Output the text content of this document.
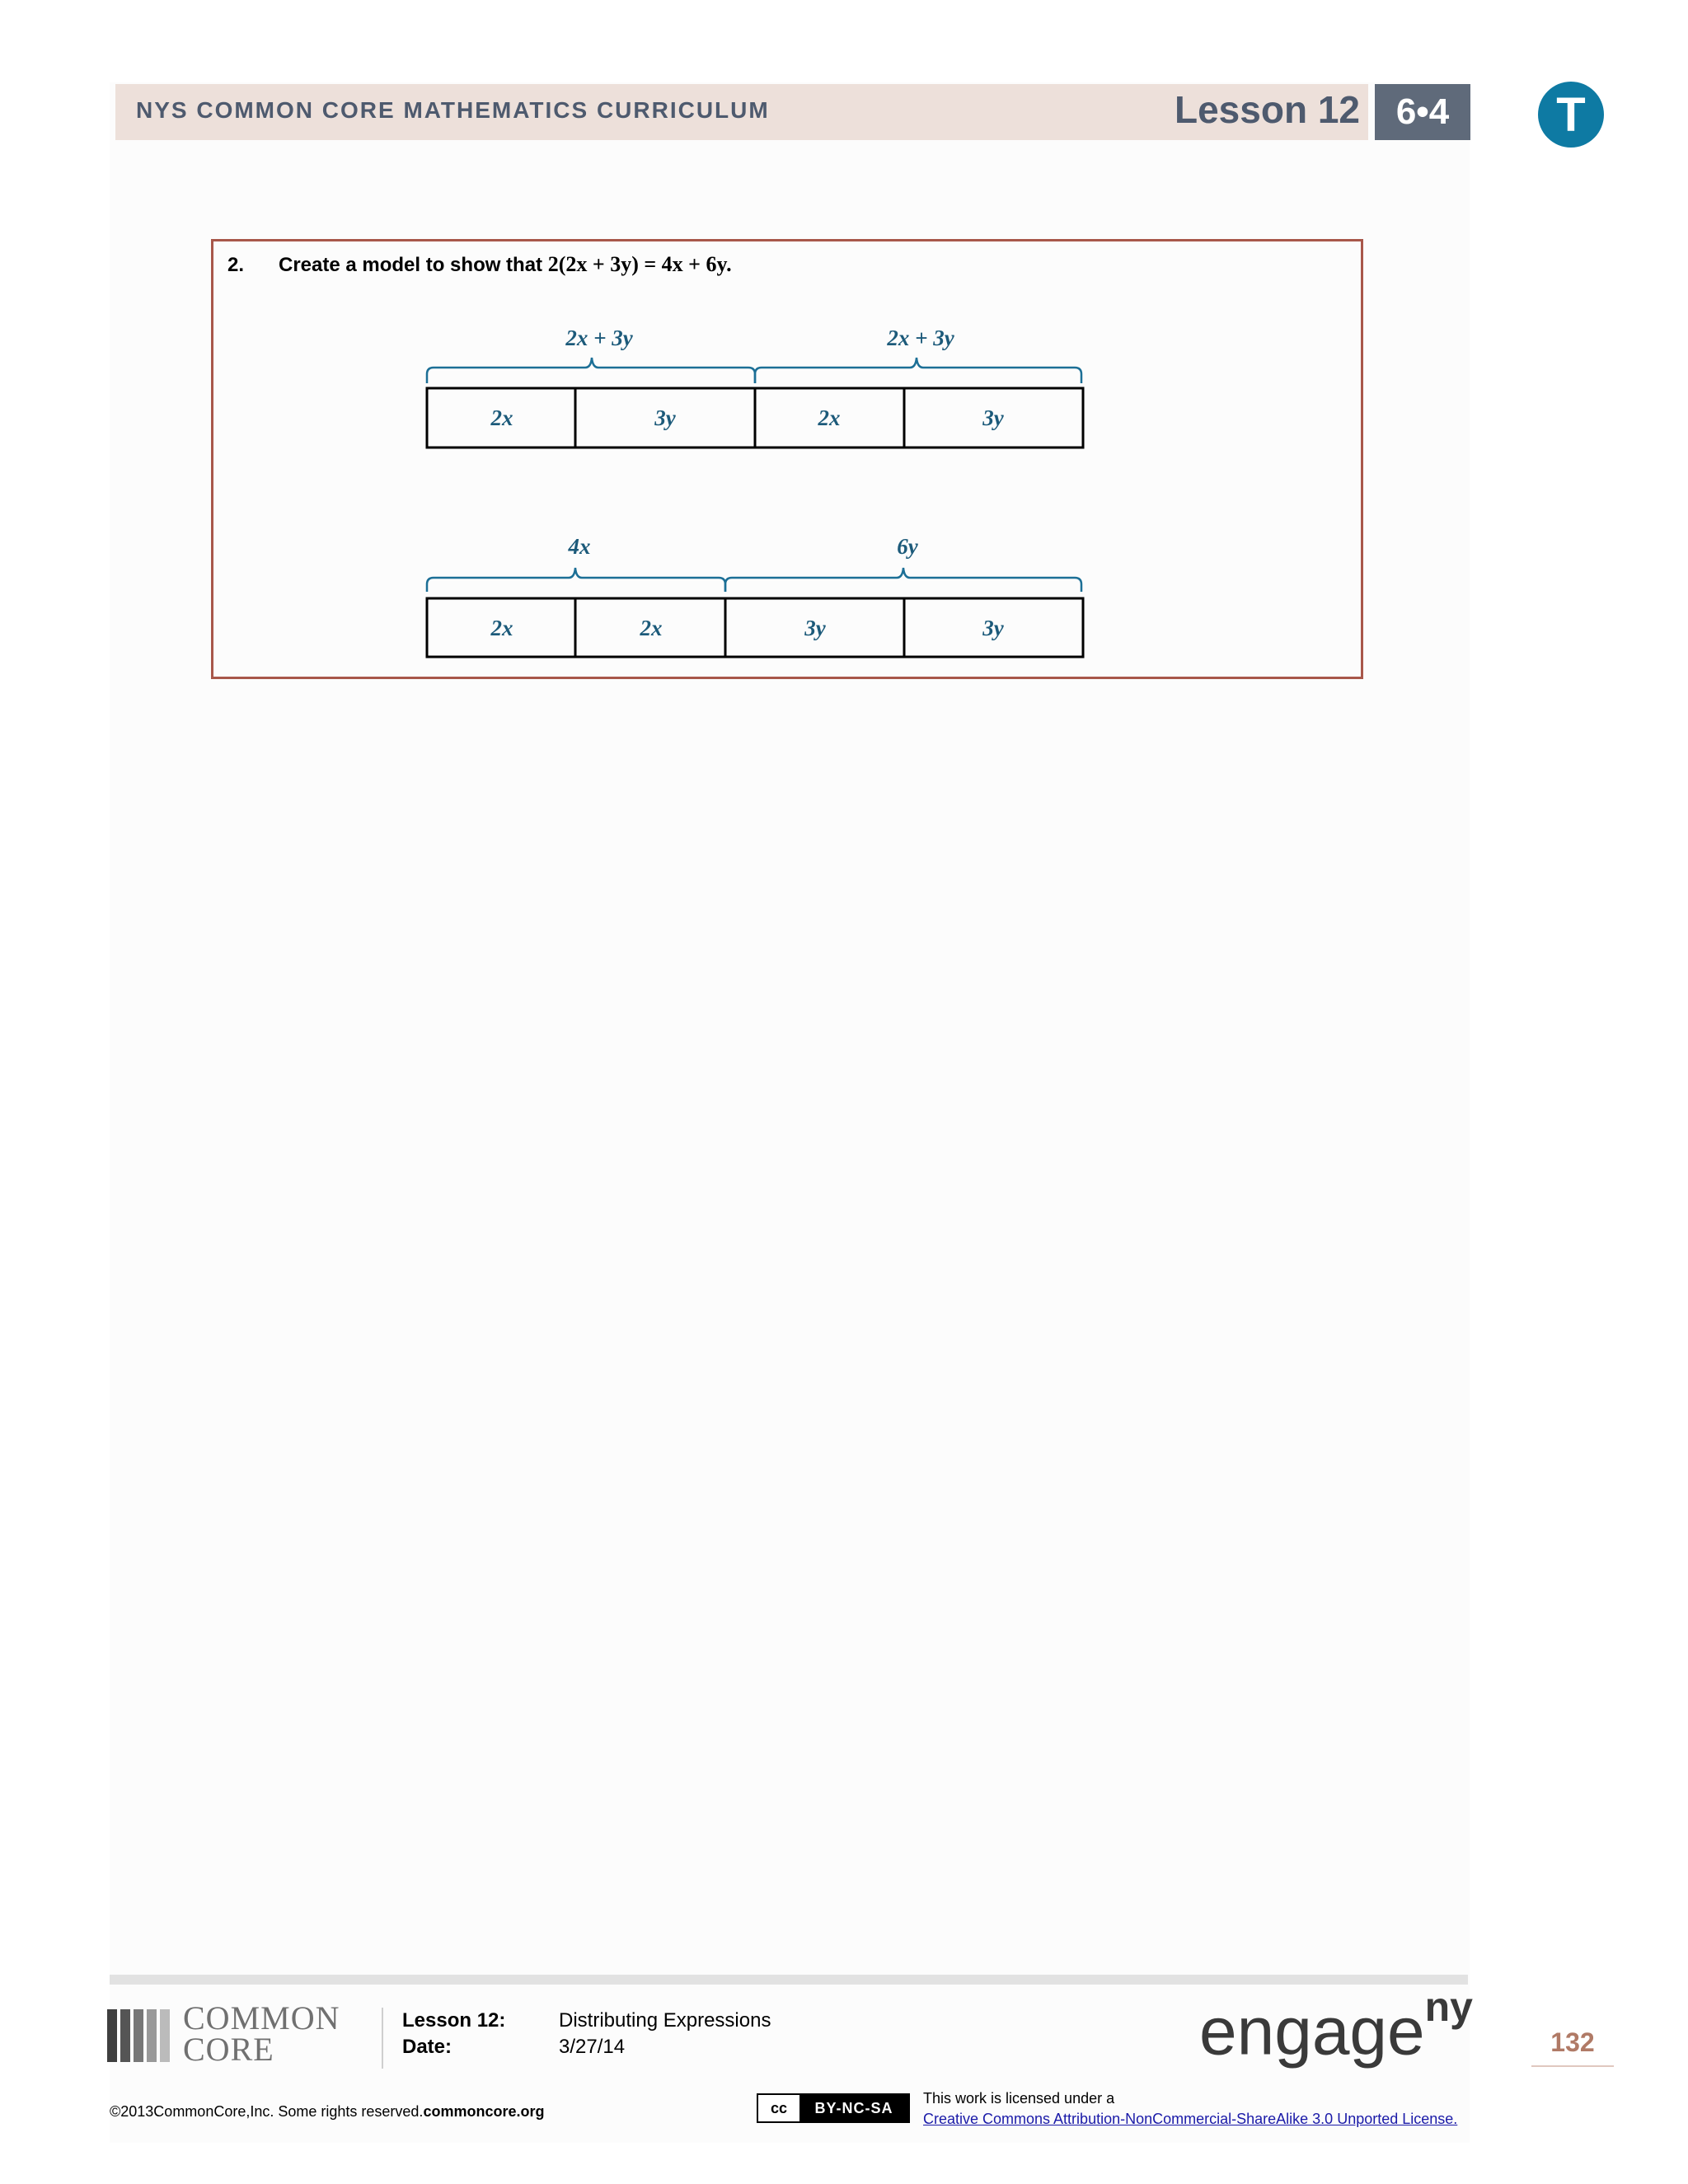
NYS COMMON CORE MATHEMATICS CURRICULUM	Lesson 12 6•4	T
2. Create a model to show that 2(2x + 3y) = 4x + 6y.
2x + 3y	2x + 3y
2x	3y	2x	3y
4x	6y
2x	2x	3y	3y
COMMON
CORE
Lesson 12:	Distributing Expressions
Date:	3/27/14	engage$^{ny}$
132
©2013CommonCore,Inc. Some rights reserved.commoncore.org	cc	BY-NC-SA
This work is licensed under a
Creative Commons Attribution-NonCommercial-ShareAlike 3.0 Unported License.
